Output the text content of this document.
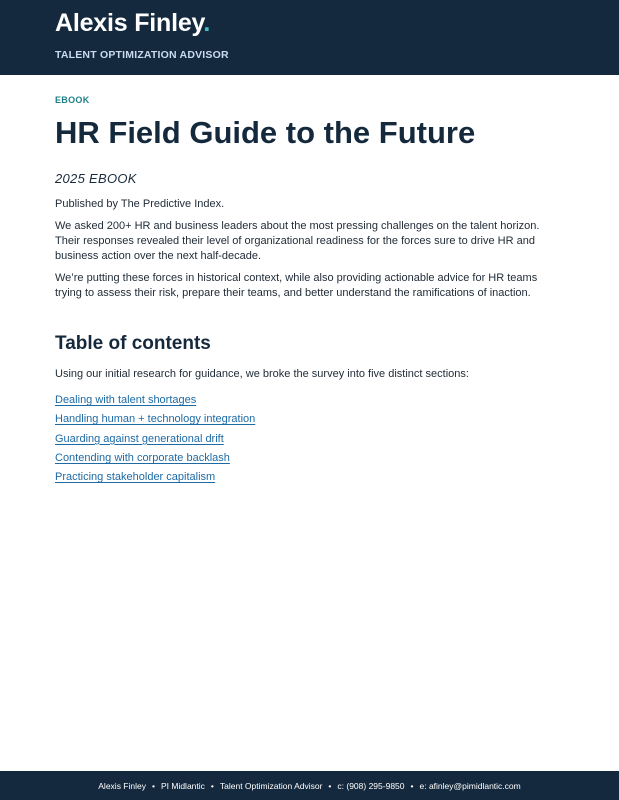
Alexis Finley.
TALENT OPTIMIZATION ADVISOR
EBOOK
HR Field Guide to the Future
2025 EBOOK

Published by The Predictive Index.

We asked 200+ HR and business leaders about the most pressing challenges on the talent horizon. Their responses revealed their level of organizational readiness for the forces sure to drive HR and business action over the next half-decade.

We’re putting these forces in historical context, while also providing actionable advice for HR teams trying to assess their risk, prepare their teams, and better understand the ramifications of inaction.

Table of contents

Using our initial research for guidance, we broke the survey into five distinct sections:

Dealing with talent shortages
Handling human + technology integration
Guarding against generational drift
Contending with corporate backlash
Practicing stakeholder capitalism
Alexis Finley • PI Midlantic • Talent Optimization Advisor • c: (908) 295-9850 • e: afinley@pimidlantic.com
